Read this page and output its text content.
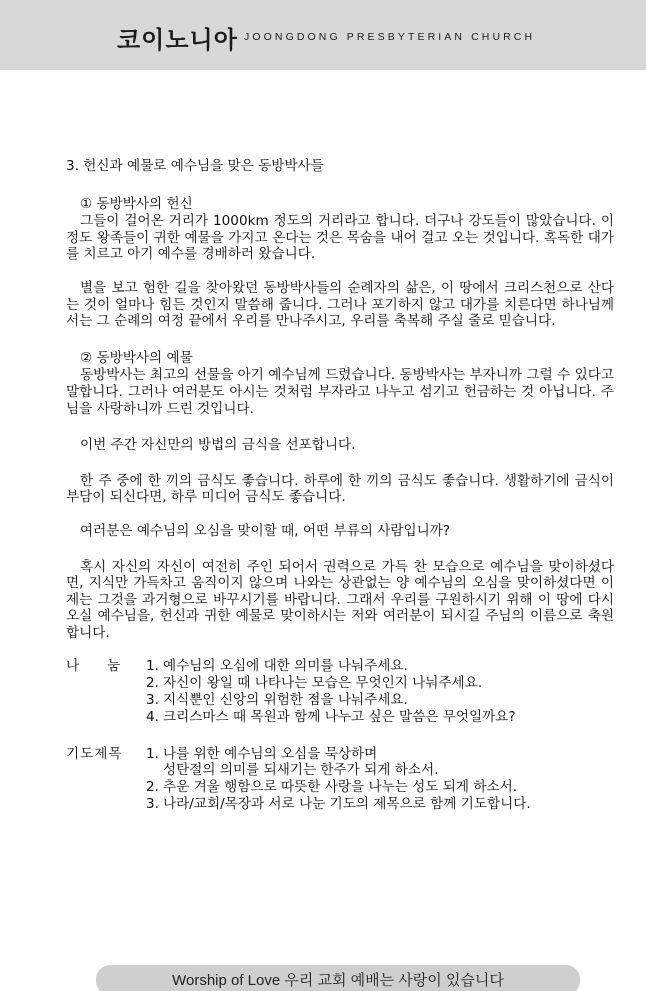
코이노니아 JOONGDONG PRESBYTERIAN CHURCH
3. 헌신과 예물로 예수님을 맞은 동방박사들
① 동방박사의 헌신

그들이 걸어온 거리가 1000km 정도의 거리라고 합니다. 더구나 강도들이 많았습니다. 이정도 왕족들이 귀한 예물을 가지고 온다는 것은 목숨을 내어 걸고 오는 것입니다. 혹독한 대가를 치르고 아기 예수를 경배하러 왔습니다.

별을 보고 험한 길을 찾아왔던 동방박사들의 순례자의 삶은, 이 땅에서 크리스천으로 산다는 것이 얼마나 힘든 것인지 말씀해 줍니다. 그러나 포기하지 않고 대가를 치른다면 하나님께서는 그 순례의 여정 끝에서 우리를 만나주시고, 우리를 축복해 주실 줄로 믿습니다.

② 동방박사의 예물

동방박사는 최고의 선물을 아기 예수님께 드렸습니다. 동방박사는 부자니까 그럴 수 있다고 말합니다. 그러나 여러분도 아시는 것처럼 부자라고 나누고 섬기고 헌금하는 것 아닙니다. 주님을 사랑하니까 드린 것입니다.

이번 주간 자신만의 방법의 금식을 선포합니다.

한 주 중에 한 끼의 금식도 좋습니다. 하루에 한 끼의 금식도 좋습니다. 생활하기에 금식이 부담이 되신다면, 하루 미디어 금식도 좋습니다.

여러분은 예수님의 오심을 맞이할 때, 어떤 부류의 사람입니까?

혹시 자신의 자신이 여전히 주인 되어서 권력으로 가득 찬 모습으로 예수님을 맞이하셨다면, 지식만 가득차고 움직이지 않으며 나와는 상관없는 양 예수님의 오심을 맞이하셨다면 이제는 그것을 과거형으로 바꾸시기를 바랍니다. 그래서 우리를 구원하시기 위해 이 땅에 다시 오실 예수님을, 헌신과 귀한 예물로 맞이하시는 저와 여러분이 되시길 주님의 이름으로 축원합니다.

나 눔	1. 예수님의 오심에 대한 의미를 나눠주세요.
2. 자신이 왕일 때 나타나는 모습은 무엇인지 나눠주세요.
3. 지식뿐인 신앙의 위험한 점을 나눠주세요.
4. 크리스마스 때 목원과 함께 나누고 싶은 말씀은 무엇일까요?
기도제목	1. 나를 위한 예수님의 오심을 묵상하며
성탄절의 의미를 되새기는 한주가 되게 하소서.
2. 추운 겨울 행함으로 따뜻한 사랑을 나누는 성도 되게 하소서.
3. 나라/교회/목장과 서로 나눈 기도의 제목으로 함께 기도합니다.
Worship of Love 우리 교회 예배는 사랑이 있습니다
